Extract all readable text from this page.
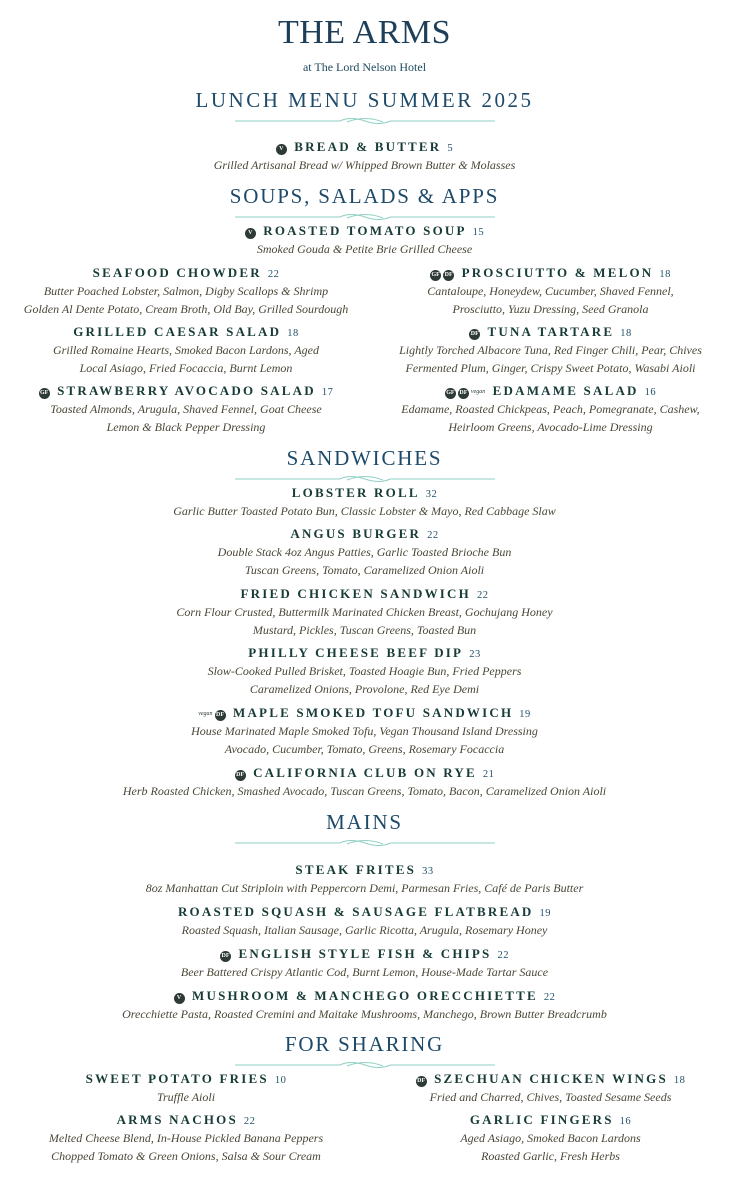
THE ARMS
at The Lord Nelson Hotel
LUNCH MENU SUMMER 2025
V BREAD & BUTTER 5
Grilled Artisanal Bread w/ Whipped Brown Butter & Molasses
SOUPS, SALADS & APPS
V ROASTED TOMATO SOUP 15
Smoked Gouda & Petite Brie Grilled Cheese
SEAFOOD CHOWDER 22
Butter Poached Lobster, Salmon, Digby Scallops & Shrimp
Golden Al Dente Potato, Cream Broth, Old Bay, Grilled Sourdough
GRILLED CAESAR SALAD 18
Grilled Romaine Hearts, Smoked Bacon Lardons, Aged
Local Asiago, Fried Focaccia, Burnt Lemon
GF STRAWBERRY AVOCADO SALAD 17
Toasted Almonds, Arugula, Shaved Fennel, Goat Cheese
Lemon & Black Pepper Dressing
GF DF PROSCIUTTO & MELON 18
Cantaloupe, Honeydew, Cucumber, Shaved Fennel,
Prosciutto, Yuzu Dressing, Seed Granola
DF TUNA TARTARE 18
Lightly Torched Albacore Tuna, Red Finger Chili, Pear, Chives
Fermented Plum, Ginger, Crispy Sweet Potato, Wasabi Aioli
GF DF vegan EDAMAME SALAD 16
Edamame, Roasted Chickpeas, Peach, Pomegranate, Cashew,
Heirloom Greens, Avocado-Lime Dressing
SANDWICHES
LOBSTER ROLL 32
Garlic Butter Toasted Potato Bun, Classic Lobster & Mayo, Red Cabbage Slaw
ANGUS BURGER 22
Double Stack 4oz Angus Patties, Garlic Toasted Brioche Bun
Tuscan Greens, Tomato, Caramelized Onion Aioli
FRIED CHICKEN SANDWICH 22
Corn Flour Crusted, Buttermilk Marinated Chicken Breast, Gochujang Honey
Mustard, Pickles, Tuscan Greens, Toasted Bun
PHILLY CHEESE BEEF DIP 23
Slow-Cooked Pulled Brisket, Toasted Hoagie Bun, Fried Peppers
Caramelized Onions, Provolone, Red Eye Demi
vegan DF MAPLE SMOKED TOFU SANDWICH 19
House Marinated Maple Smoked Tofu, Vegan Thousand Island Dressing
Avocado, Cucumber, Tomato, Greens, Rosemary Focaccia
DF CALIFORNIA CLUB ON RYE 21
Herb Roasted Chicken, Smashed Avocado, Tuscan Greens, Tomato, Bacon, Caramelized Onion Aioli
MAINS
STEAK FRITES 33
8oz Manhattan Cut Striploin with Peppercorn Demi, Parmesan Fries, Café de Paris Butter
ROASTED SQUASH & SAUSAGE FLATBREAD 19
Roasted Squash, Italian Sausage, Garlic Ricotta, Arugula, Rosemary Honey
DF ENGLISH STYLE FISH & CHIPS 22
Beer Battered Crispy Atlantic Cod, Burnt Lemon, House-Made Tartar Sauce
V MUSHROOM & MANCHEGO ORECCHIETTE 22
Orecchiette Pasta, Roasted Cremini and Maitake Mushrooms, Manchego, Brown Butter Breadcrumb
FOR SHARING
SWEET POTATO FRIES 10
Truffle Aioli
ARMS NACHOS 22
Melted Cheese Blend, In-House Pickled Banana Peppers
Chopped Tomato & Green Onions, Salsa & Sour Cream
DF SZECHUAN CHICKEN WINGS 18
Fried and Charred, Chives, Toasted Sesame Seeds
GARLIC FINGERS 16
Aged Asiago, Smoked Bacon Lardons
Roasted Garlic, Fresh Herbs
